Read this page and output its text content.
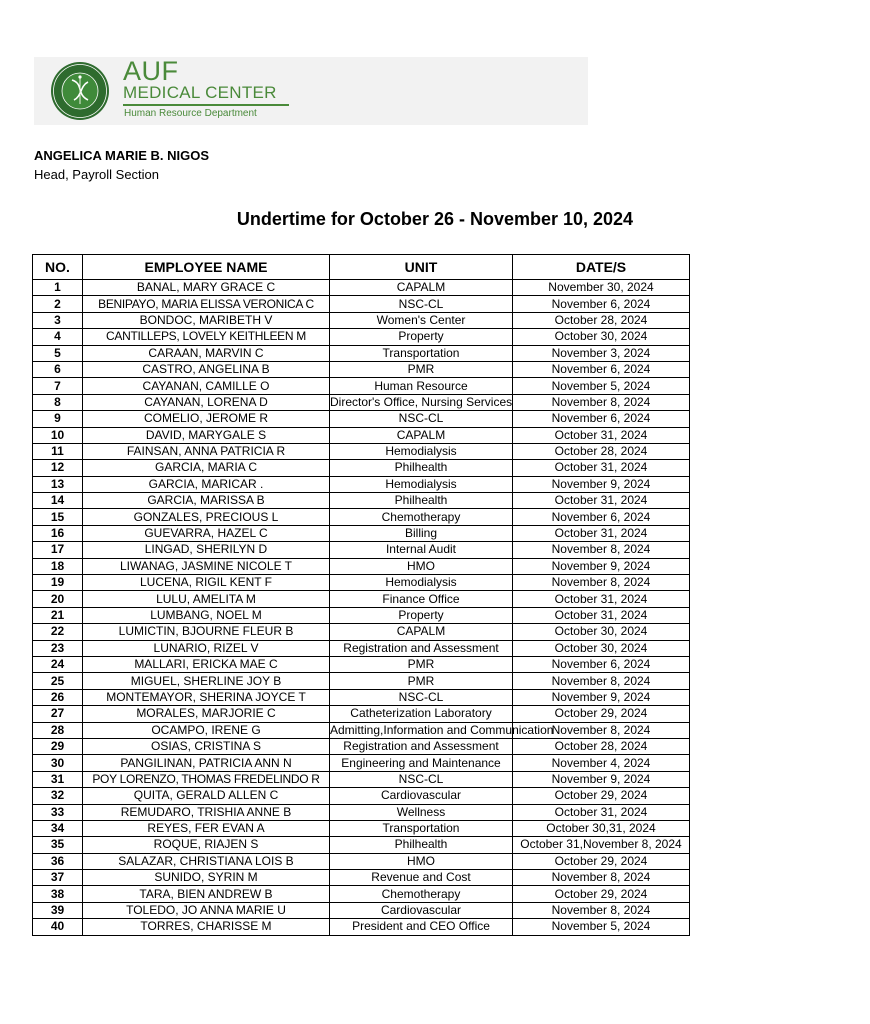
AUF
MEDICAL CENTER
Human Resource Department
ANGELICA MARIE B. NIGOS
Head, Payroll Section
Undertime for October 26 - November 10, 2024
NO.	EMPLOYEE NAME	UNIT	DATE/S
1	BANAL, MARY GRACE C	CAPALM	November 30, 2024
2	BENIPAYO, MARIA ELISSA VERONICA C	NSC-CL	November 6, 2024
3	BONDOC, MARIBETH V	Women's Center	October 28, 2024
4	CANTILLEPS, LOVELY KEITHLEEN M	Property	October 30, 2024
5	CARAAN, MARVIN C	Transportation	November 3, 2024
6	CASTRO, ANGELINA B	PMR	November 6, 2024
7	CAYANAN, CAMILLE O	Human Resource	November 5, 2024
8	CAYANAN, LORENA D	Director's Office, Nursing Services	November 8, 2024
9	COMELIO, JEROME R	NSC-CL	November 6, 2024
10	DAVID, MARYGALE S	CAPALM	October 31, 2024
11	FAINSAN, ANNA PATRICIA R	Hemodialysis	October 28, 2024
12	GARCIA, MARIA C	Philhealth	October 31, 2024
13	GARCIA, MARICAR .	Hemodialysis	November 9, 2024
14	GARCIA, MARISSA B	Philhealth	October 31, 2024
15	GONZALES, PRECIOUS L	Chemotherapy	November 6, 2024
16	GUEVARRA, HAZEL C	Billing	October 31, 2024
17	LINGAD, SHERILYN D	Internal Audit	November 8, 2024
18	LIWANAG, JASMINE NICOLE T	HMO	November 9, 2024
19	LUCENA, RIGIL KENT F	Hemodialysis	November 8, 2024
20	LULU, AMELITA M	Finance Office	October 31, 2024
21	LUMBANG, NOEL M	Property	October 31, 2024
22	LUMICTIN, BJOURNE FLEUR B	CAPALM	October 30, 2024
23	LUNARIO, RIZEL V	Registration and Assessment	October 30, 2024
24	MALLARI, ERICKA MAE C	PMR	November 6, 2024
25	MIGUEL, SHERLINE JOY B	PMR	November 8, 2024
26	MONTEMAYOR, SHERINA JOYCE T	NSC-CL	November 9, 2024
27	MORALES, MARJORIE C	Catheterization Laboratory	October 29, 2024
28	OCAMPO, IRENE G	Admitting,Information and Communication	November 8, 2024
29	OSIAS, CRISTINA S	Registration and Assessment	October 28, 2024
30	PANGILINAN, PATRICIA ANN N	Engineering and Maintenance	November 4, 2024
31	POY LORENZO, THOMAS FREDELINDO R	NSC-CL	November 9, 2024
32	QUITA, GERALD ALLEN C	Cardiovascular	October 29, 2024
33	REMUDARO, TRISHIA ANNE B	Wellness	October 31, 2024
34	REYES, FER EVAN A	Transportation	October 30,31, 2024
35	ROQUE, RIAJEN S	Philhealth	October 31,November 8, 2024
36	SALAZAR, CHRISTIANA LOIS B	HMO	October 29, 2024
37	SUNIDO, SYRIN M	Revenue and Cost	November 8, 2024
38	TARA, BIEN ANDREW B	Chemotherapy	October 29, 2024
39	TOLEDO, JO ANNA MARIE U	Cardiovascular	November 8, 2024
40	TORRES, CHARISSE M	President and CEO Office	November 5, 2024
